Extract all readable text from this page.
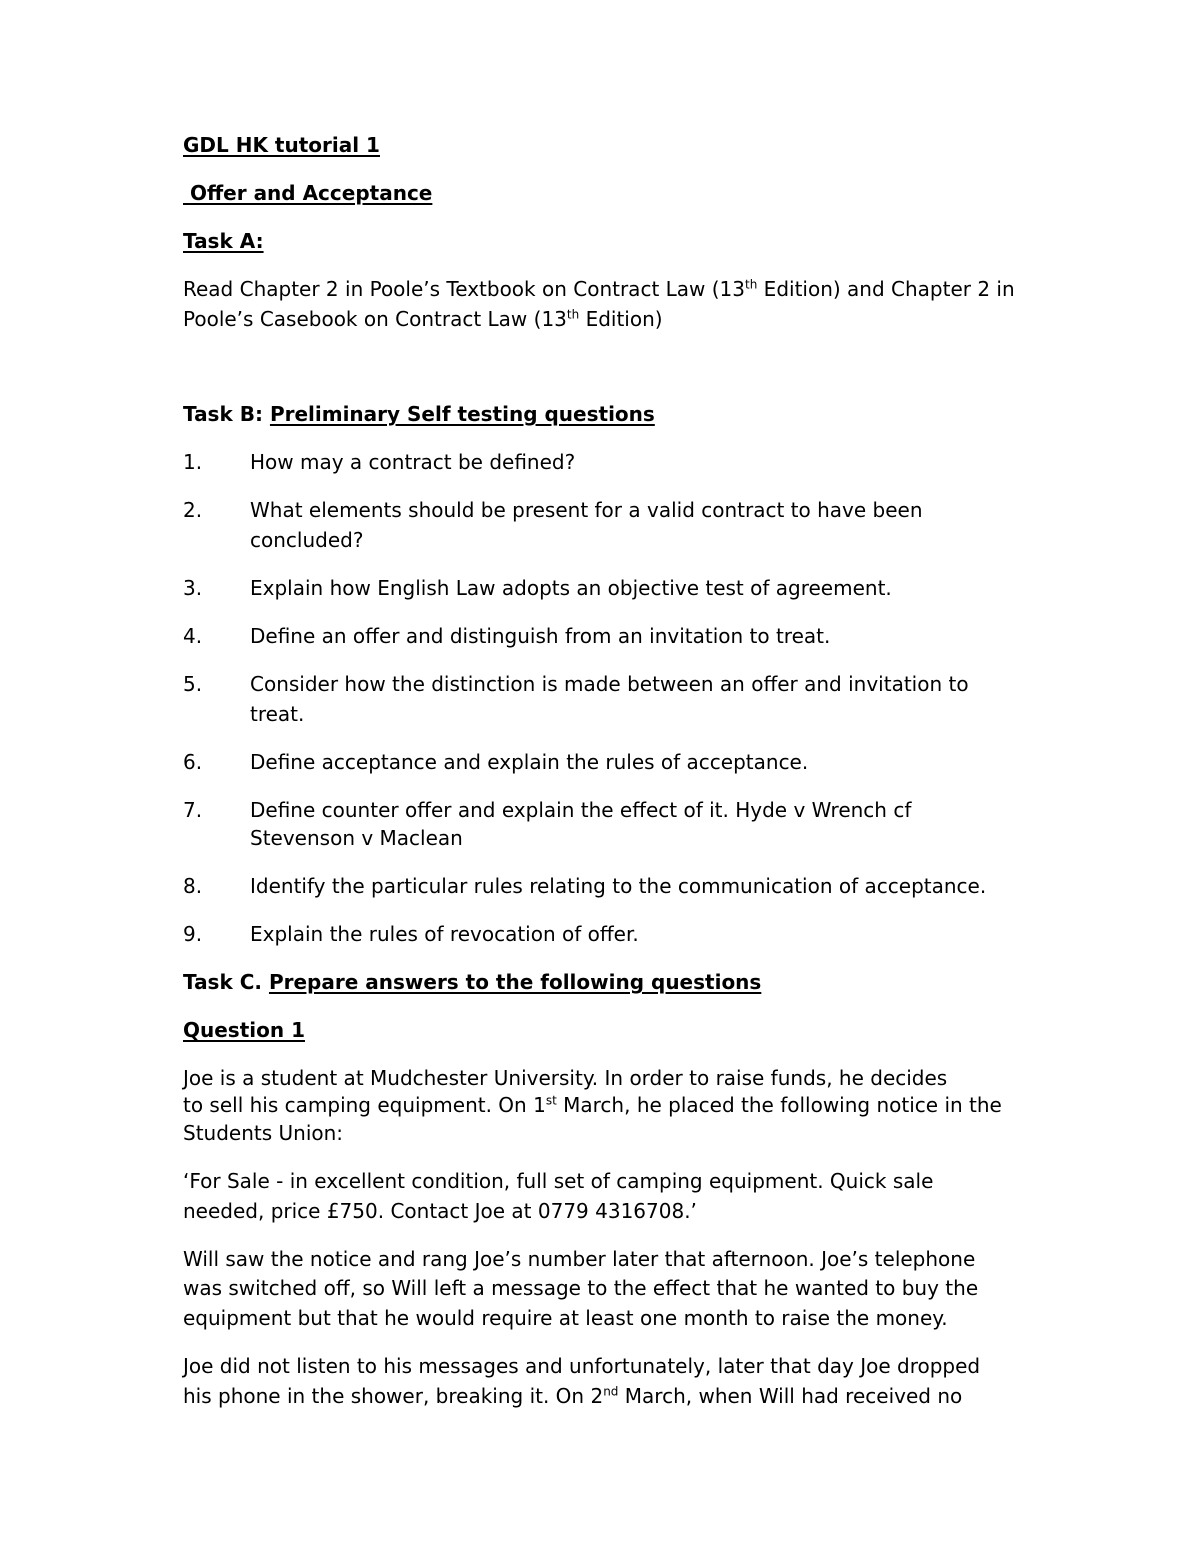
GDL HK tutorial 1
Offer and Acceptance
Task A:
Read Chapter 2 in Poole’s Textbook on Contract Law (13th Edition) and Chapter 2 in
Poole’s Casebook on Contract Law (13th Edition)
Task B: Preliminary Self testing questions
1. How may a contract be defined?
2. What elements should be present for a valid contract to have been
concluded?
3. Explain how English Law adopts an objective test of agreement.
4. Define an offer and distinguish from an invitation to treat.
5. Consider how the distinction is made between an offer and invitation to
treat.
6. Define acceptance and explain the rules of acceptance.
7. Define counter offer and explain the effect of it. Hyde v Wrench cf
Stevenson v Maclean
8. Identify the particular rules relating to the communication of acceptance.
9. Explain the rules of revocation of offer.
Task C. Prepare answers to the following questions
Question 1
Joe is a student at Mudchester University. In order to raise funds, he decides
to sell his camping equipment. On 1st March, he placed the following notice in the
Students Union:
‘For Sale - in excellent condition, full set of camping equipment. Quick sale
needed, price £750. Contact Joe at 0779 4316708.’
Will saw the notice and rang Joe’s number later that afternoon. Joe’s telephone
was switched off, so Will left a message to the effect that he wanted to buy the
equipment but that he would require at least one month to raise the money.
Joe did not listen to his messages and unfortunately, later that day Joe dropped
his phone in the shower, breaking it. On 2nd March, when Will had received no
